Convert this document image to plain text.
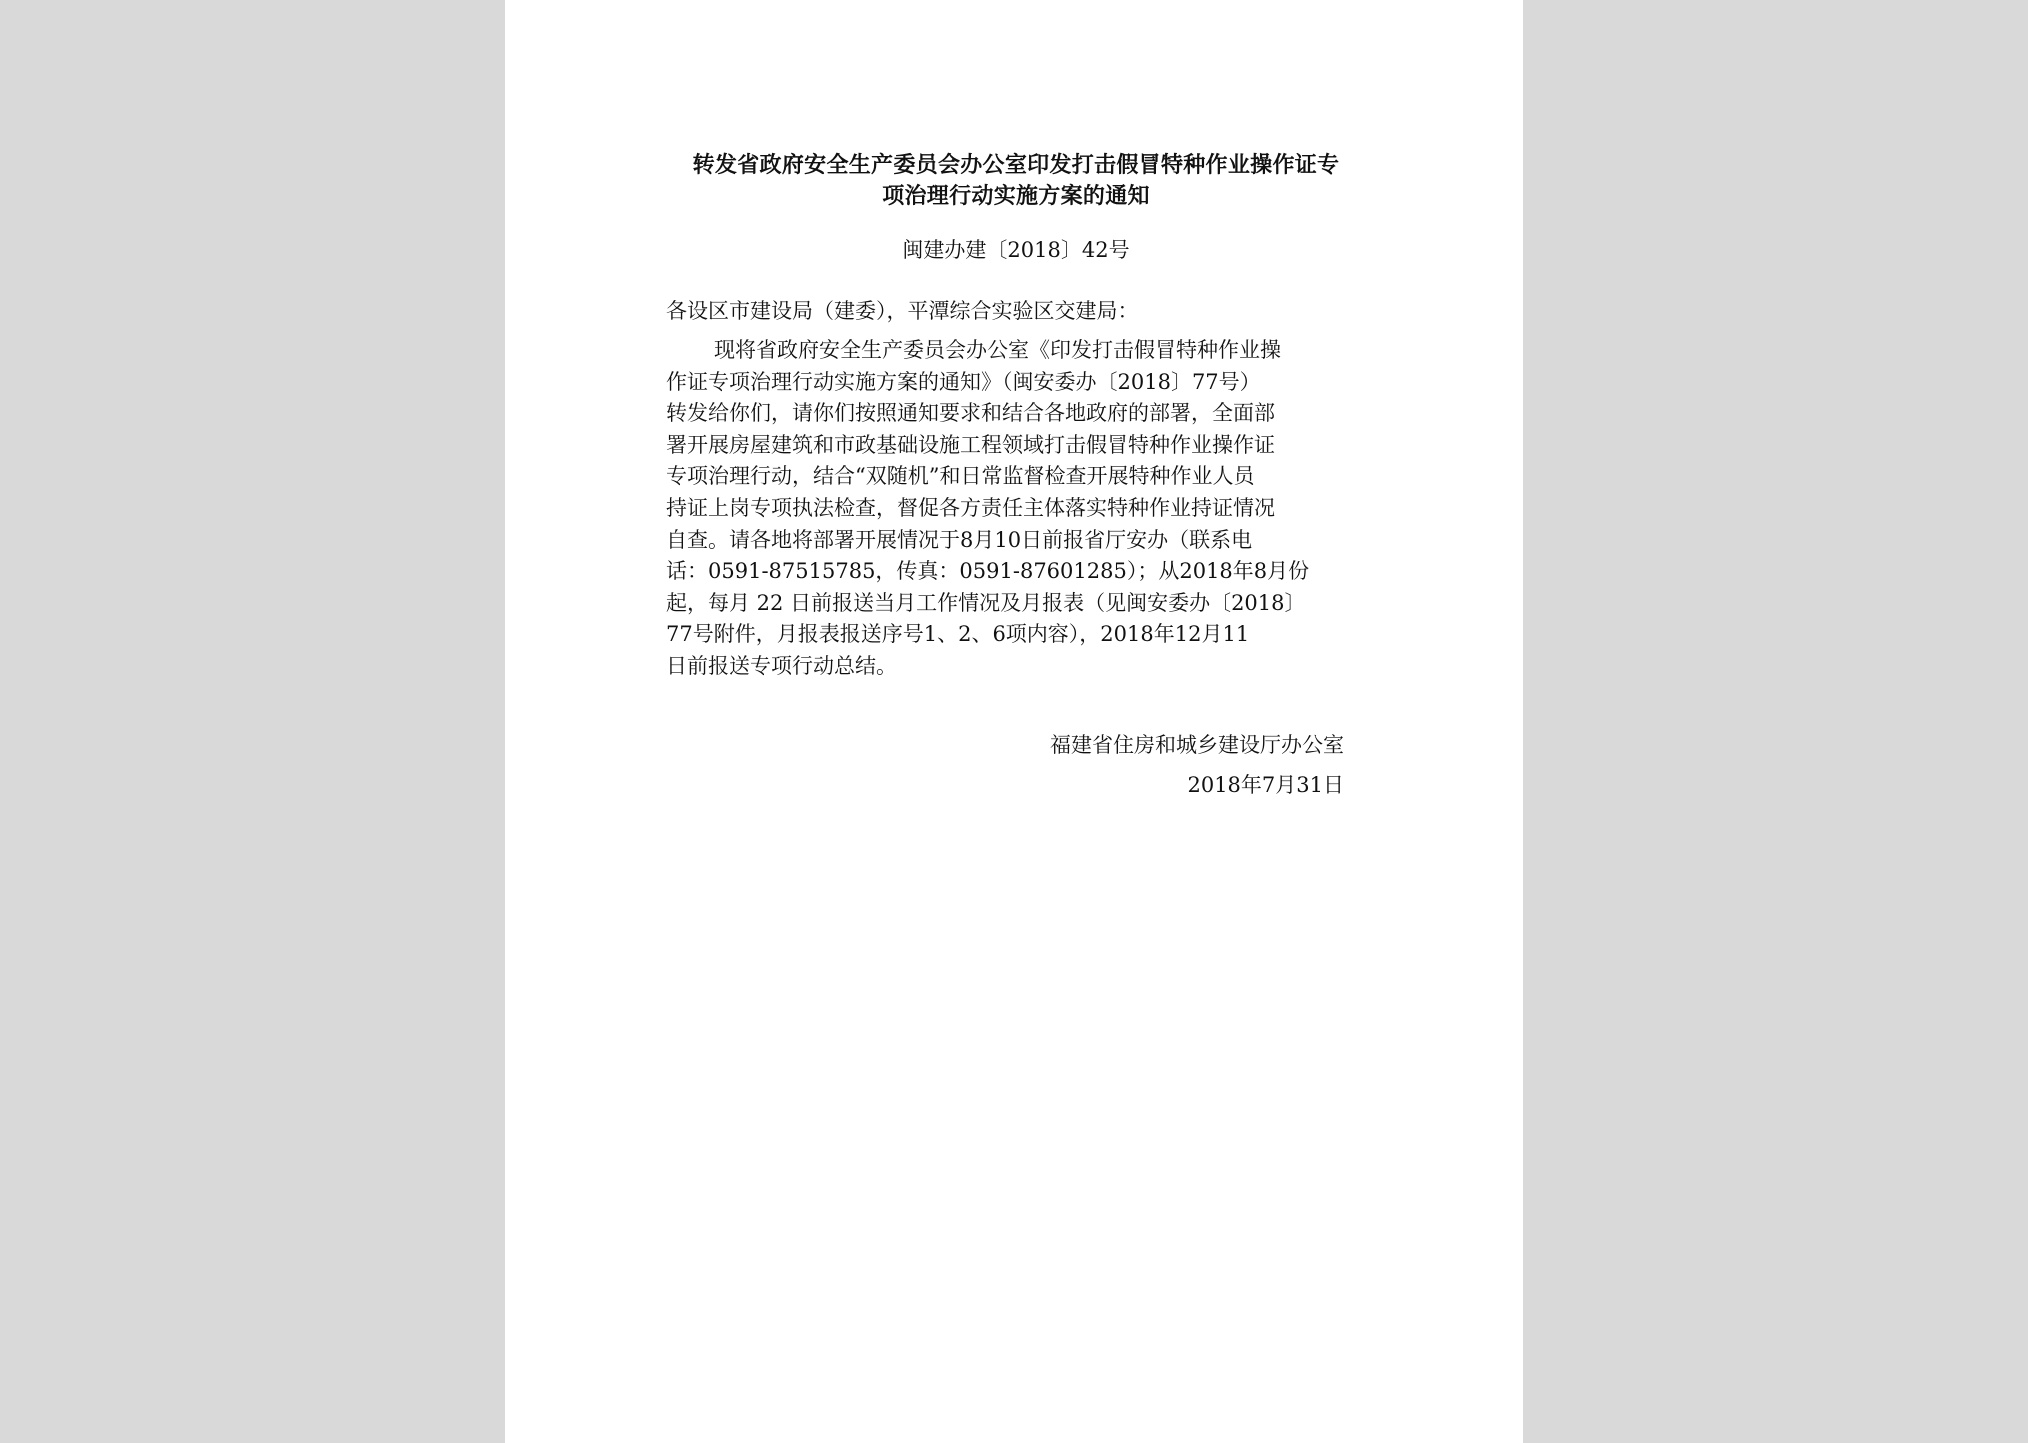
转发省政府安全生产委员会办公室印发打击假冒特种作业操作证专
项治理行动实施方案的通知
闽建办建〔2018〕42号
各设区市建设局（建委），平潭综合实验区交建局：
现将省政府安全生产委员会办公室《印发打击假冒特种作业操
作证专项治理行动实施方案的通知》（闽安委办〔2018〕77号）
转发给你们，请你们按照通知要求和结合各地政府的部署，全面部
署开展房屋建筑和市政基础设施工程领域打击假冒特种作业操作证
专项治理行动，结合“双随机”和日常监督检查开展特种作业人员
持证上岗专项执法检查，督促各方责任主体落实特种作业持证情况
自查。请各地将部署开展情况于8月10日前报省厅安办（联系电
话：0591-87515785，传真：0591-87601285）；从2018年8月份
起，每月 22 日前报送当月工作情况及月报表（见闽安委办〔2018〕
77号附件，月报表报送序号1、2、6项内容），2018年12月11
日前报送专项行动总结。
福建省住房和城乡建设厅办公室
2018年7月31日
